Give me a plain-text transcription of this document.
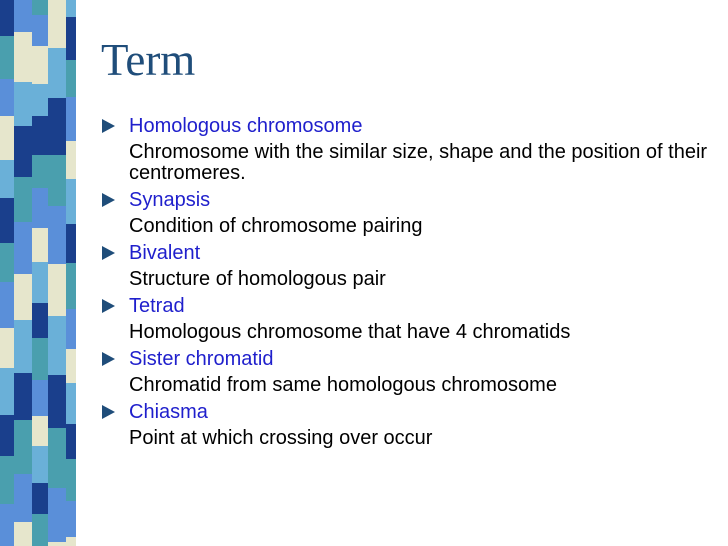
Term
Homologous chromosome
Chromosome with the similar size, shape and the position of their centromeres.
Synapsis
Condition of chromosome pairing
Bivalent
Structure of homologous pair
Tetrad
Homologous chromosome that have 4 chromatids
Sister chromatid
Chromatid from same homologous chromosome
Chiasma
Point at which crossing over occur
